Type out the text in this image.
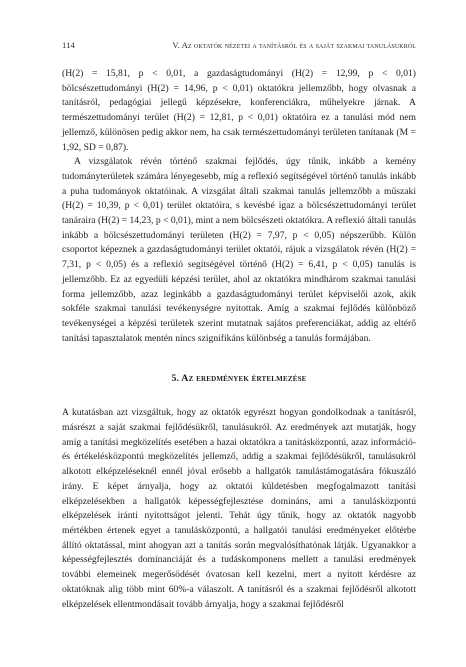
114	V. Az oktatók nézetei a tanításról és a saját szakmai tanulásukról

(H(2) = 15,81, p < 0,01, a gazdaságtudományi (H(2) = 12,99, p < 0,01) bölcsészettudományi (H(2) = 14,96, p < 0,01) oktatókra jellemzőbb, hogy olvasnak a tanításról, pedagógiai jellegű képzésekre, konferenciákra, műhelyekre járnak. A természettudományi terület (H(2) = 12,81, p < 0,01) oktatóira ez a tanulási mód nem jellemző, különösen pedig akkor nem, ha csak természettudományi területen tanítanak (M = 1,92, SD = 0,87).

A vizsgálatok révén történő szakmai fejlődés, úgy tűnik, inkább a kemény tudományterületek számára lényegesebb, míg a reflexió segítségével történő tanulás inkább a puha tudományok oktatóinak. A vizsgálat általi szakmai tanulás jellemzőbb a műszaki (H(2) = 10,39, p < 0,01) terület oktatóira, s kevésbé igaz a bölcsészettudományi terület tanáraira (H(2) = 14,23, p < 0,01), mint a nem bölcsészeti oktatókra. A reflexió általi tanulás inkább a bölcsészettudományi területen (H(2) = 7,97, p < 0,05) népszerűbb. Külön csoportot képeznek a gazdaságtudományi terület oktatói, rájuk a vizsgálatok révén (H(2) = 7,31, p < 0,05) és a reflexió segítségével történő (H(2) = 6,41, p < 0,05) tanulás is jellemzőbb. Ez az egyedüli képzési terület, ahol az oktatókra mindhárom szakmai tanulási forma jellemzőbb, azaz leginkább a gazdaságtudományi terület képviselői azok, akik sokféle szakmai tanulási tevékenységre nyitottak. Amíg a szakmai fejlődés különböző tevékenységei a képzési területek szerint mutatnak sajátos preferenciákat, addig az eltérő tanítási tapasztalatok mentén nincs szignifikáns különbség a tanulás formájában.

5. Az eredmények értelmezése

A kutatásban azt vizsgáltuk, hogy az oktatók egyrészt hogyan gondolkodnak a tanításról, másrészt a saját szakmai fejlődésükről, tanulásukról. Az eredmények azt mutatják, hogy amíg a tanítási megközelítés esetében a hazai oktatókra a tanításközpontú, azaz információ- és értékelésközpontú megközelítés jellemző, addig a szakmai fejlődésükről, tanulásukról alkotott elképzeléseknél ennél jóval erősebb a hallgatók tanulástámogatására fókuszáló irány. E képet árnyalja, hogy az oktatói küldetésben megfogalmazott tanítási elképzelésekben a hallgatók képességfejlesztése domináns, ami a tanulásközpontú elképzelések iránti nyitottságot jelenti. Tehát úgy tűnik, hogy az oktatók nagyobb mértékben értenek egyet a tanulásközpontú, a hallgatói tanulási eredményeket előtérbe állító oktatással, mint ahogyan azt a tanítás során megvalósíthatónak látják. Ugyanakkor a képességfejlesztés dominanciáját és a tudáskomponens mellett a tanulási eredmények további elemeinek megerősödését óvatosan kell kezelni, mert a nyitott kérdésre az oktatóknak alig több mint 60%-a válaszolt. A tanításról és a szakmai fejlődésről alkotott elképzelések ellentmondásait tovább árnyalja, hogy a szakmai fejlődésről
